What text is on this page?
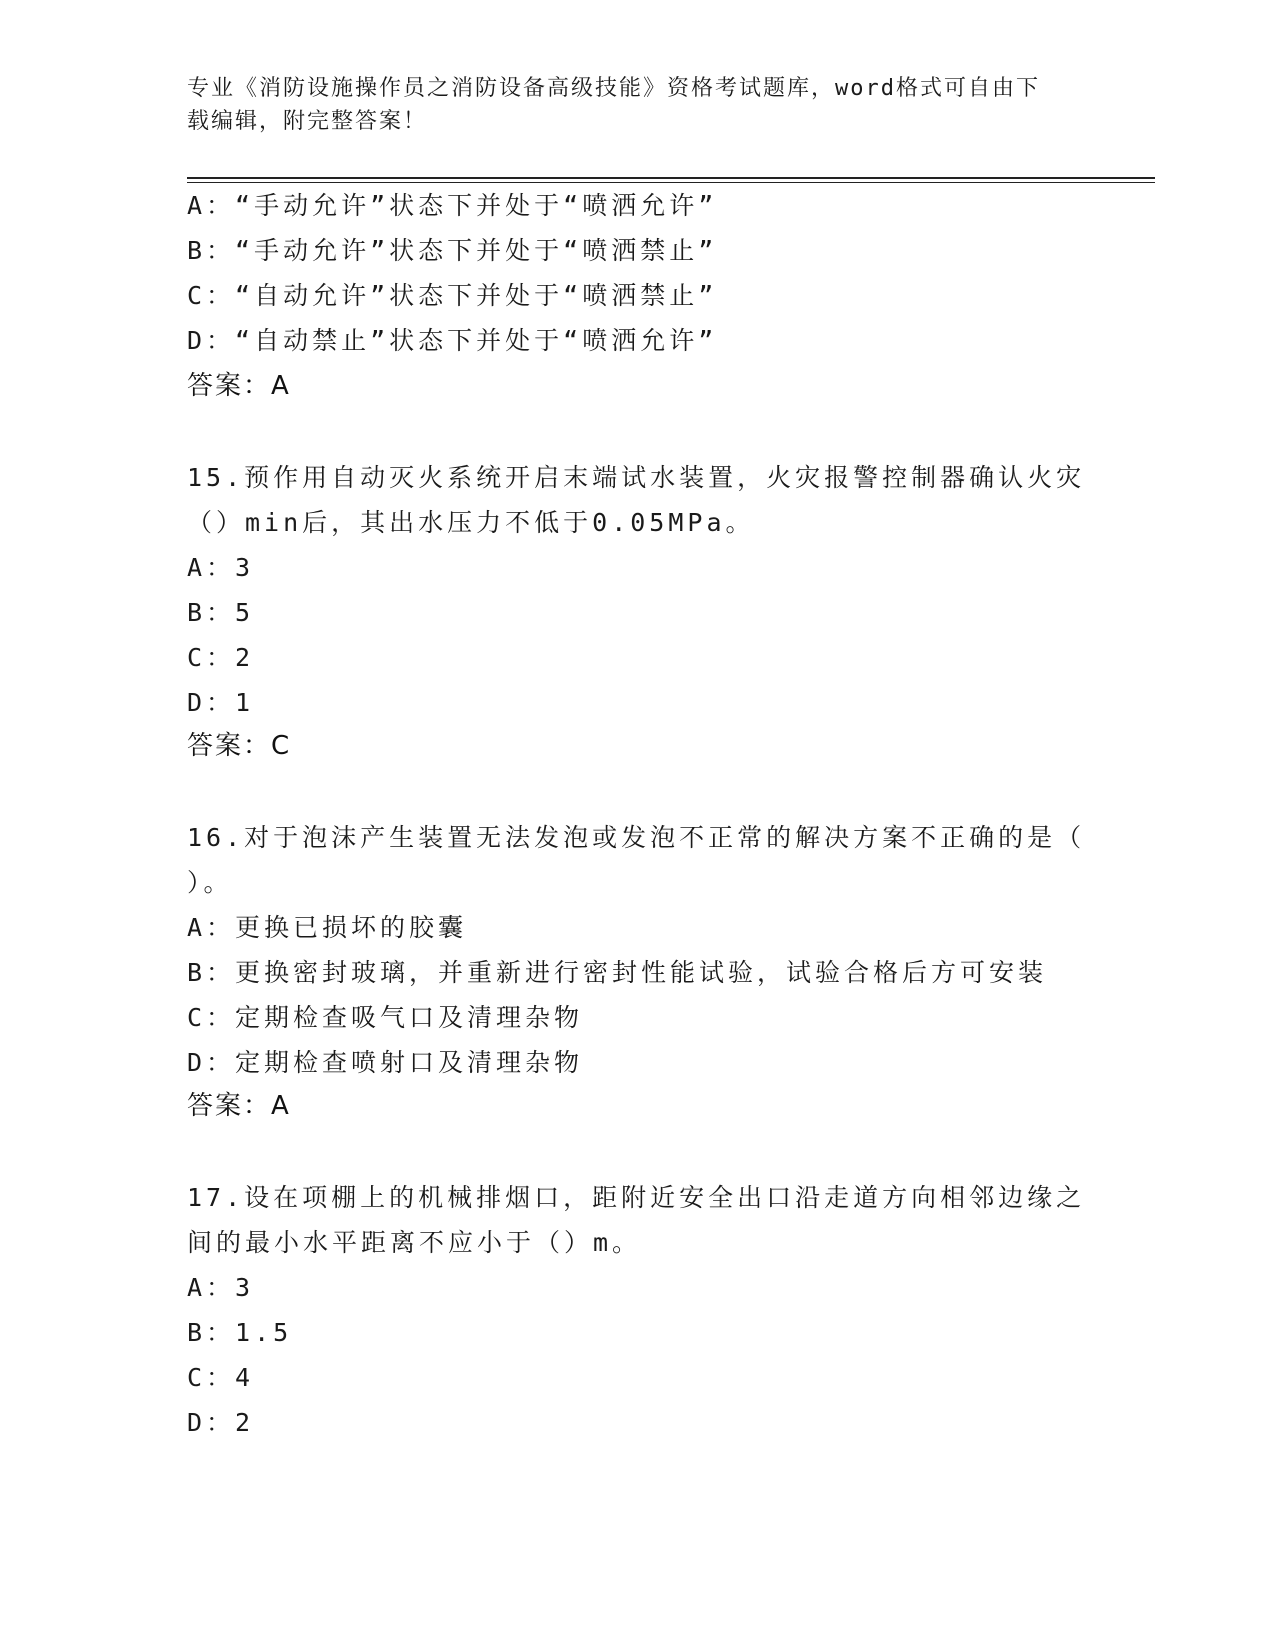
专业《消防设施操作员之消防设备高级技能》资格考试题库，word格式可自由下
载编辑，附完整答案！
A：“手动允许”状态下并处于“喷洒允许”
B：“手动允许”状态下并处于“喷洒禁止”
C：“自动允许”状态下并处于“喷洒禁止”
D：“自动禁止”状态下并处于“喷洒允许”
答案：A
15.预作用自动灭火系统开启末端试水装置，火灾报警控制器确认火灾
（）min后，其出水压力不低于0.05MPa。
A：3
B：5
C：2
D：1
答案：C
16.对于泡沫产生装置无法发泡或发泡不正常的解决方案不正确的是（
）。
A：更换已损坏的胶囊
B：更换密封玻璃，并重新进行密封性能试验，试验合格后方可安装
C：定期检查吸气口及清理杂物
D：定期检查喷射口及清理杂物
答案：A
17.设在项棚上的机械排烟口，距附近安全出口沿走道方向相邻边缘之
间的最小水平距离不应小于（）m。
A：3
B：1.5
C：4
D：2
